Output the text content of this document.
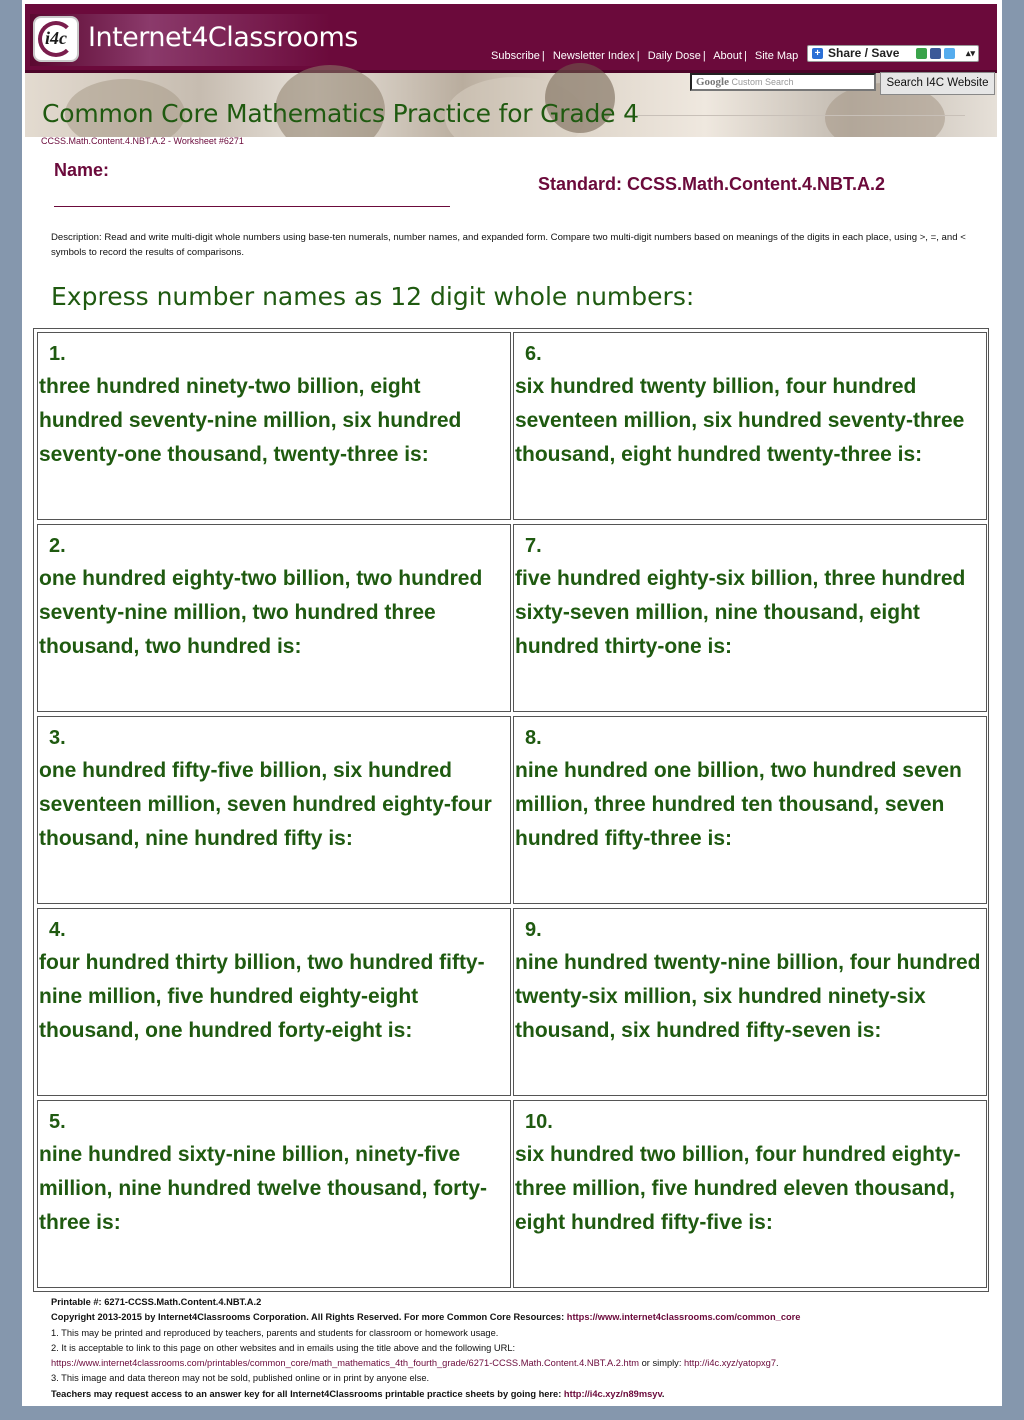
i4c Internet4Classrooms
Subscribe | Newsletter Index | Daily Dose | About | Site Map + Share / Save	▴▾
Google Custom Search	Search I4C Website
Common Core Mathematics Practice for Grade 4
CCSS.Math.Content.4.NBT.A.2 - Worksheet #6271
Name:
Standard: CCSS.Math.Content.4.NBT.A.2
Description: Read and write multi-digit whole numbers using base-ten numerals, number names, and expanded form. Compare two multi-digit numbers based on meanings of the digits in each place, using >, =, and < symbols to record the results of comparisons.
Express number names as 12 digit whole numbers:
1.
three hundred ninety-two billion, eight hundred seventy-nine million, six hundred seventy-one thousand, twenty-three is:
2.
one hundred eighty-two billion, two hundred seventy-nine million, two hundred three thousand, two hundred is:
3.
one hundred fifty-five billion, six hundred seventeen million, seven hundred eighty-four thousand, nine hundred fifty is:
4.
four hundred thirty billion, two hundred fifty-nine million, five hundred eighty-eight thousand, one hundred forty-eight is:
5.
nine hundred sixty-nine billion, ninety-five million, nine hundred twelve thousand, forty-three is:
6.
six hundred twenty billion, four hundred seventeen million, six hundred seventy-three thousand, eight hundred twenty-three is:
7.
five hundred eighty-six billion, three hundred sixty-seven million, nine thousand, eight hundred thirty-one is:
8.
nine hundred one billion, two hundred seven million, three hundred ten thousand, seven hundred fifty-three is:
9.
nine hundred twenty-nine billion, four hundred twenty-six million, six hundred ninety-six thousand, six hundred fifty-seven is:
10.
six hundred two billion, four hundred eighty-three million, five hundred eleven thousand, eight hundred fifty-five is:
Printable #: 6271-CCSS.Math.Content.4.NBT.A.2
Copyright 2013-2015 by Internet4Classrooms Corporation. All Rights Reserved. For more Common Core Resources: https://www.internet4classrooms.com/common_core
1. This may be printed and reproduced by teachers, parents and students for classroom or homework usage.
2. It is acceptable to link to this page on other websites and in emails using the title above and the following URL:
https://www.internet4classrooms.com/printables/common_core/math_mathematics_4th_fourth_grade/6271-CCSS.Math.Content.4.NBT.A.2.htm or simply: http://i4c.xyz/yatopxg7.
3. This image and data thereon may not be sold, published online or in print by anyone else.
Teachers may request access to an answer key for all Internet4Classrooms printable practice sheets by going here: http://i4c.xyz/n89msyv.
